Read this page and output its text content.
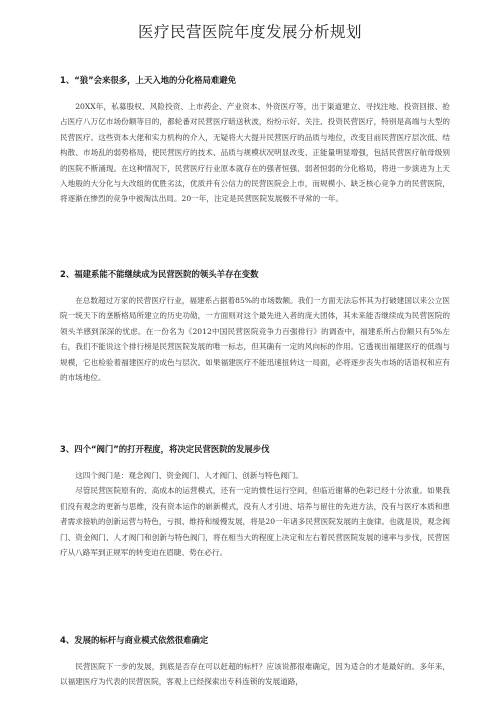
医疗民营医院年度发展分析规划
1、“狼”会来很多，上天入地的分化格局难避免
20XX年，私募股权、风险投资、上市药企、产业资本、外资医疗等，出于渠道建立、寻找注地、投资回报、抢占医疗八万亿市场份额等目的，都轮番对民营医疗暗送秋波，纷纷示好、关注、投资民营医疗，特别是高端与大型的民营医疗。这些资本大佬和实力机构的介入，无疑将大大提升民营医疗的品质与地位，改变目前民营医疗层次低、结构散、市场乱的弱势格局，使民营医疗的技术、品质与规模状况明显改变、正能量明显增强，包括民营医疗航母级别的医院不断涌现。在这种情况下，民营医疗行业原本就存在的强者恒强、弱者恒弱的分化格局，将进一步演进为上天入地般的大分化与大改组的优胜劣汰，优质并有公信力的民营医院会上市，而规模小、缺乏核心竞争力的民营医院，将逐渐在惨烈的竞争中被淘汰出局。20一年，注定是民营医院发展极不寻常的一年。
2、福建系能不能继续成为民营医院的领头羊存在变数
在总数超过万家的民营医疗行业，福建系占据着85%的市场数额。我们一方面无法忘怀其为打破建国以来公立医院一统天下的垄断格局所建立的历史功勋，一方面则对这个最先进入者的庞大团体，其未来能否继续成为民营医院的领头羊感到深深的忧虑。在一份名为《2012中国民营医院竞争力百强排行》的调查中，福建系所占份额只有5%左右，我们不能说这个排行榜是民营医院发展的唯一标志，但其确有一定的风向标的作用。它透视出福建医疗的低端与规模，它也检验着福建医疗的成色与层次。如果福建医疗不能迅速扭转这一局面，必将逐步丧失市场的话语权和应有的市场地位。
3、四个“阀门”的打开程度，将决定民营医院的发展步伐
这四个阀门是：观念阀门、资金阀门、人才阀门、创新与特色阀门。
尽管民营医院原有的、高成本的运营模式，还有一定的惯性运行空间，但临近谢幕的色彩已经十分浓重。如果我们没有观念的更新与思维，没有资本运作的崭新模式，没有人才引进、培养与留住的先进方法，没有与医疗本质和患者需求接轨的创新运营与特色，亏损、维持和缓慢发展，将是20一年诸多民营医院发展的主旋律。也就是说，观念阀门、资金阀门、人才阀门和创新与特色阀门，将在相当大的程度上决定和左右着民营医院发展的速率与步伐，民营医疗从八路军到正规军的转变迫在眉睫、势在必行。
4、发展的标杆与商业模式依然很难确定
民营医院下一步的发展，到底是否存在可以赶超的标杆？应该说都很难确定，因为适合的才是最好的。多年来，以福建医疗为代表的民营医院，客观上已经探索出专科连锁的发展道路，
